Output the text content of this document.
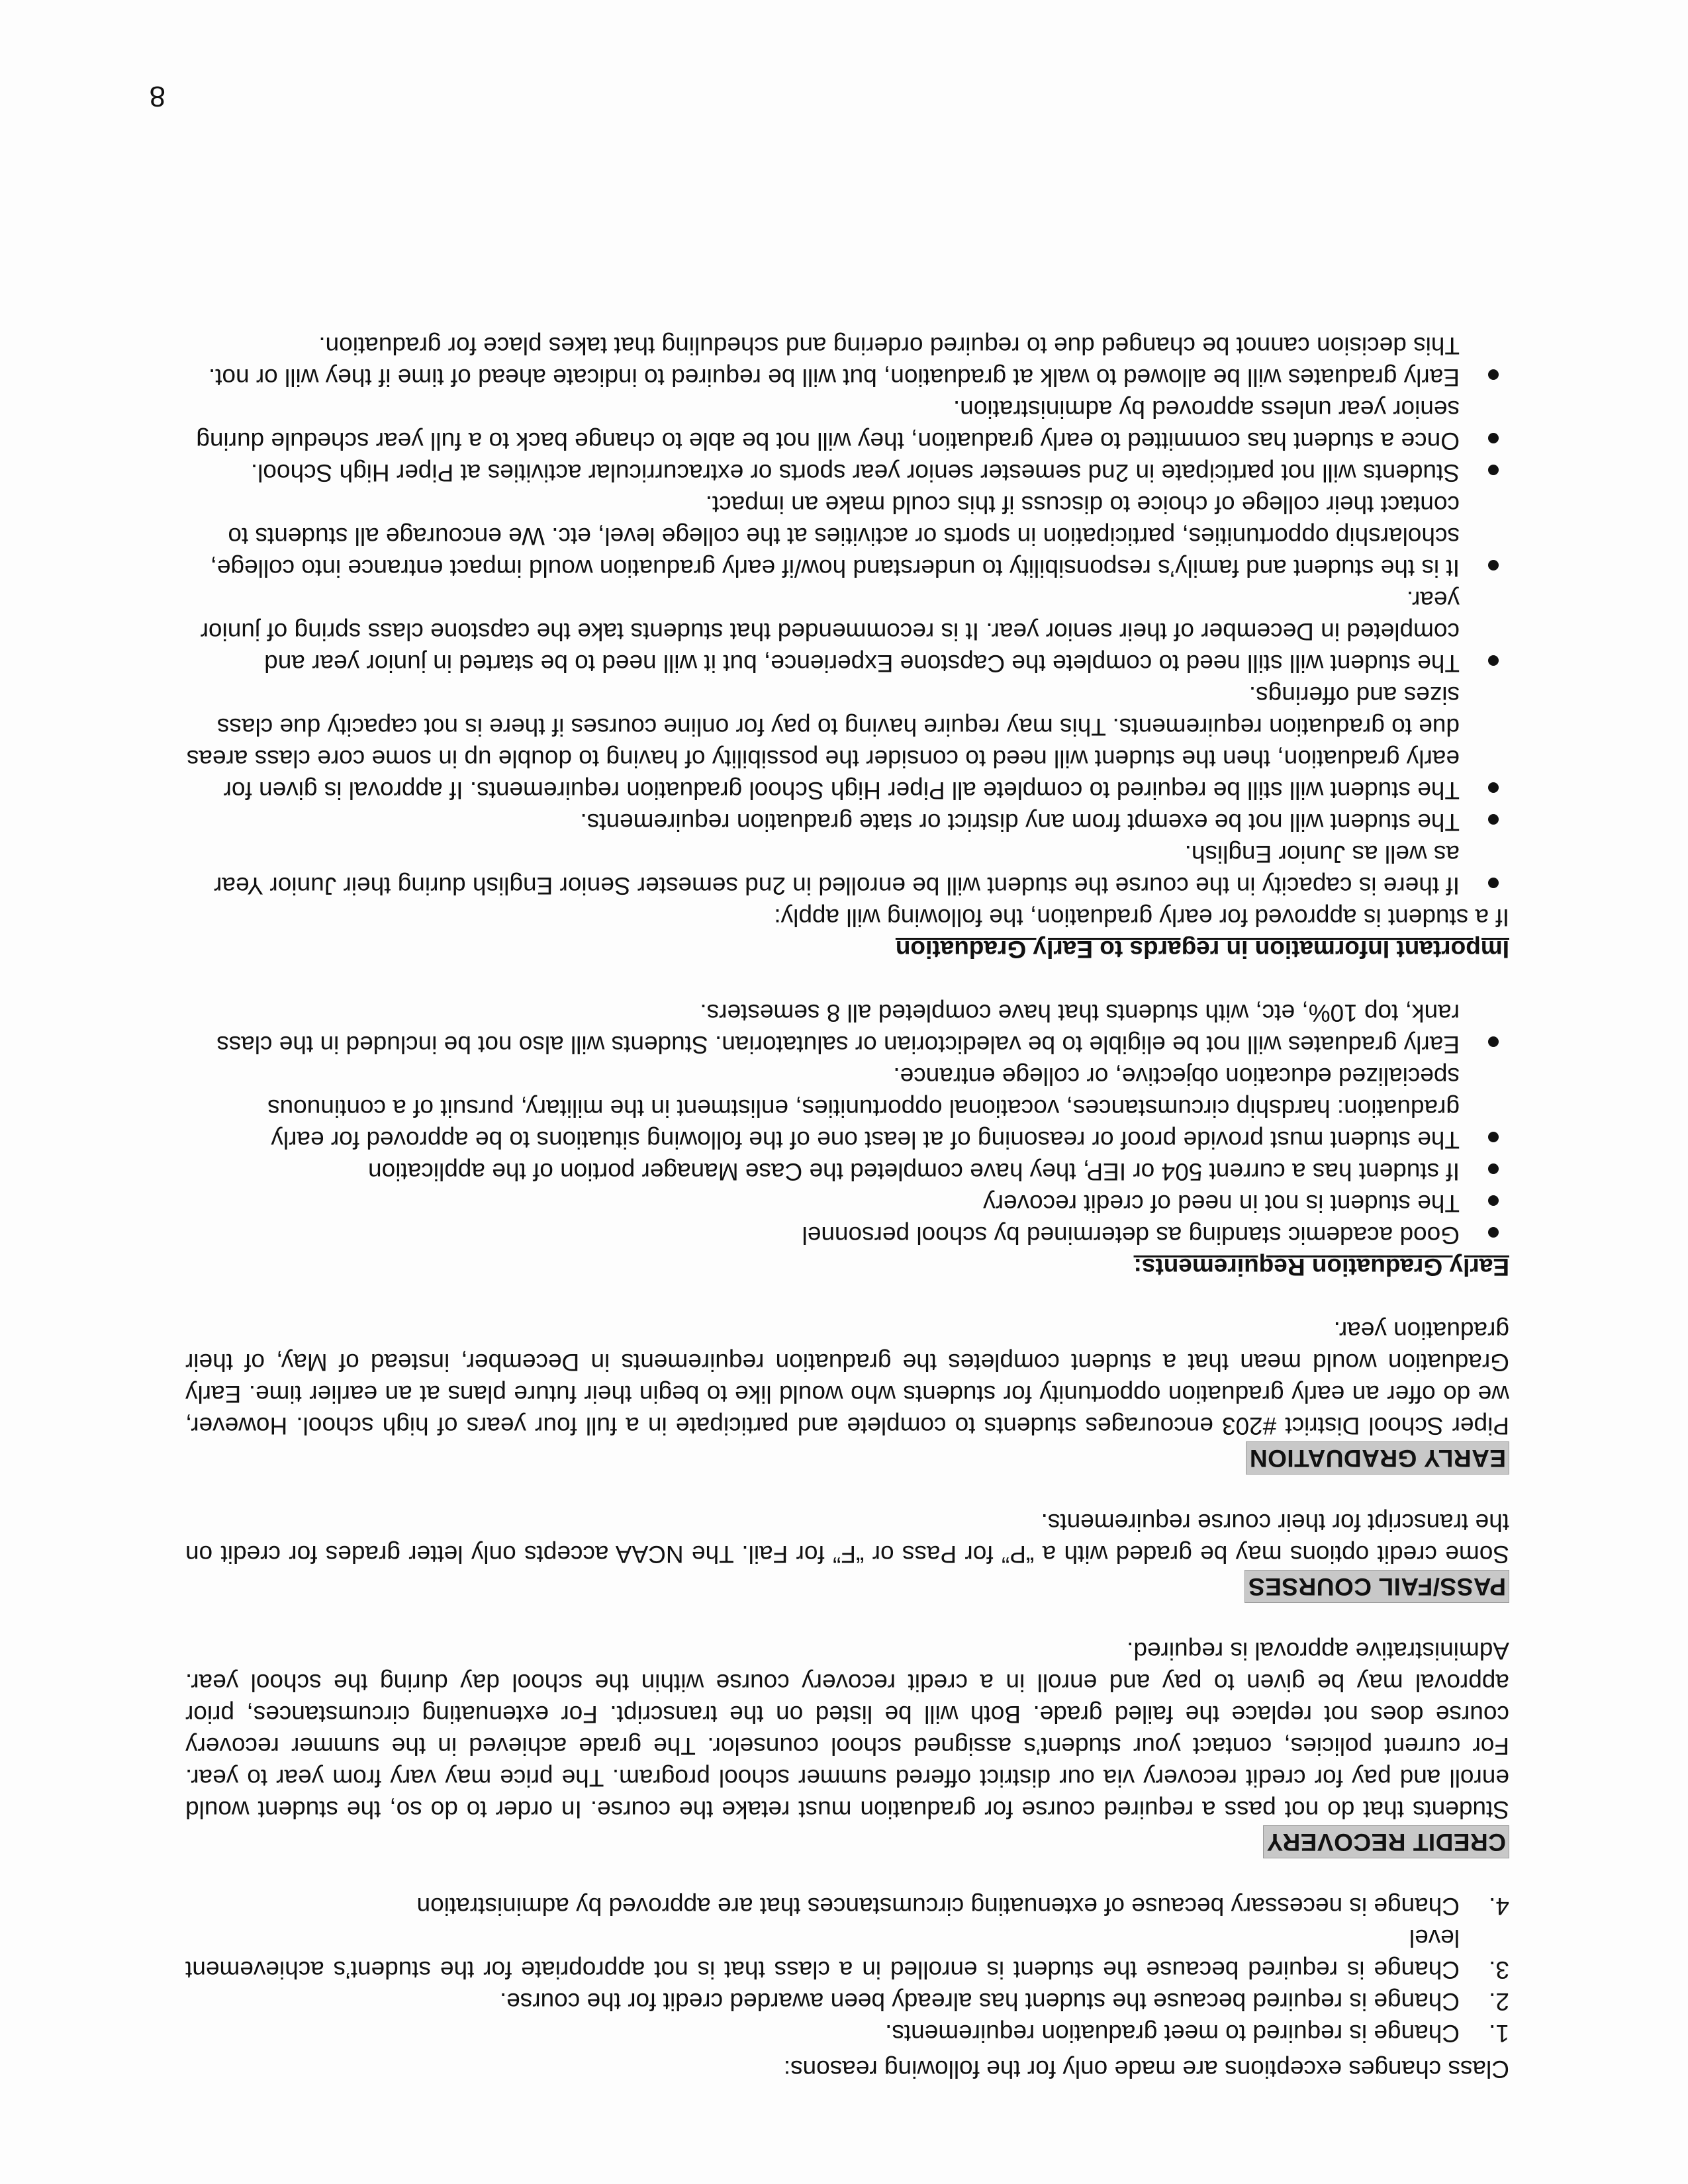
Class changes exceptions are made only for the following reasons:

1.
Change is required to meet graduation requirements.
2.
Change is required because the student has already been awarded credit for the course.
3.
Change is required because the student is enrolled in a class that is not appropriate for the student’s achievement level
4.
Change is necessary because of extenuating circumstances that are approved by administration
CREDIT RECOVERY

Students that do not pass a required course for graduation must retake the course. In order to do so, the student would enroll and pay for credit recovery via our district offered summer school program. The price may vary from year to year. For current policies, contact your student’s assigned school counselor. The grade achieved in the summer recovery course does not replace the failed grade. Both will be listed on the transcript. For extenuating circumstances, prior approval may be given to pay and enroll in a credit recovery course within the school day during the school year. Administrative approval is required.

PASS/FAIL COURSES

Some credit options may be graded with a “P” for Pass or “F” for Fail. The NCAA accepts only letter grades for credit on the transcript for their course requirements.

EARLY GRADUATION

Piper School District #203 encourages students to complete and participate in a full four years of high school. However, we do offer an early graduation opportunity for students who would like to begin their future plans at an earlier time. Early Graduation would mean that a student completes the graduation requirements in December, instead of May, of their graduation year.

Early Graduation Requirements:

Good academic standing as determined by school personnel
The student is not in need of credit recovery
If student has a current 504 or IEP, they have completed the Case Manager portion of the application
The student must provide proof or reasoning of at least one of the following situations to be approved for early graduation: hardship circumstances, vocational opportunities, enlistment in the military, pursuit of a continuous specialized education objective, or college entrance.
Early graduates will not be eligible to be valedictorian or salutatorian. Students will also not be included in the class rank, top 10%, etc, with students that have completed all 8 semesters.

Important Information in regards to Early Graduation

If a student is approved for early graduation, the following will apply:

If there is capacity in the course the student will be enrolled in 2nd semester Senior English during their Junior Year as well as Junior English.
The student will not be exempt from any district or state graduation requirements.
The student will still be required to complete all Piper High School graduation requirements. If approval is given for early graduation, then the student will need to consider the possibility of having to double up in some core class areas due to graduation requirements. This may require having to pay for online courses if there is not capacity due class sizes and offerings.
The student will still need to complete the Capstone Experience, but it will need to be started in junior year and completed in December of their senior year. It is recommended that students take the capstone class spring of junior year.
It is the student and family’s responsibility to understand how/if early graduation would impact entrance into college, scholarship opportunities, participation in sports or activities at the college level, etc. We encourage all students to contact their college of choice to discuss if this could make an impact.
Students will not participate in 2nd semester senior year sports or extracurricular activities at Piper High School.
Once a student has committed to early graduation, they will not be able to change back to a full year schedule during senior year unless approved by administration.
Early graduates will be allowed to walk at graduation, but will be required to indicate ahead of time if they will or not. This decision cannot be changed due to required ordering and scheduling that takes place for graduation.
8
